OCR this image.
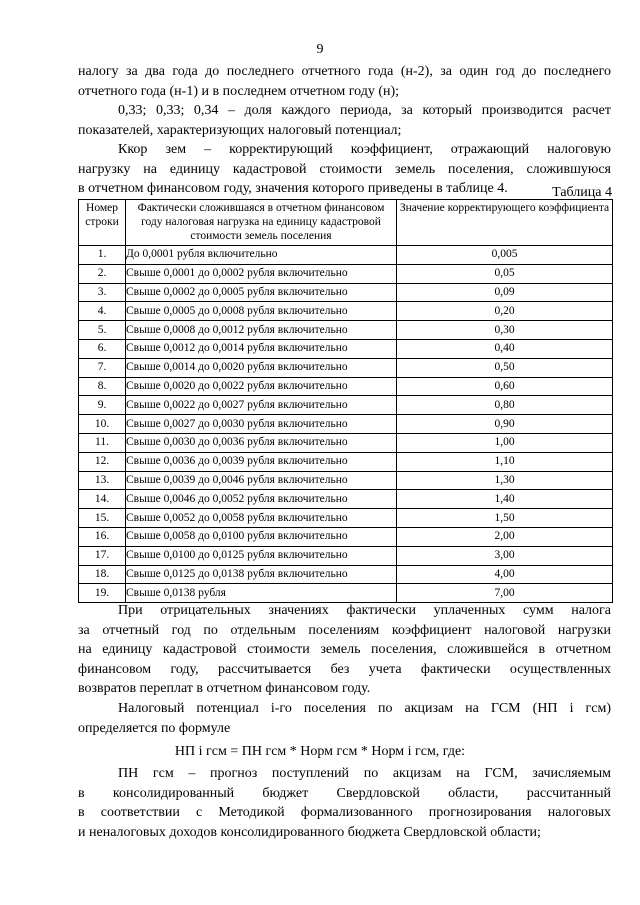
9
налогу за два года до последнего отчетного года (н-2), за один год до последнего
отчетного года (н-1) и в последнем отчетном году (н);
0,33; 0,33; 0,34 – доля каждого периода, за который производится расчет
показателей, характеризующих налоговый потенциал;
Ккор зем – корректирующий коэффициент, отражающий налоговую
нагрузку на единицу кадастровой стоимости земель поселения, сложившуюся
в отчетном финансовом году, значения которого приведены в таблице 4.	Таблица 4
Номер строки	Фактически сложившаяся в отчетном финансовом году налоговая нагрузка на единицу кадастровой стоимости земель поселения	Значение корректирующего коэффициента
1.	До 0,0001 рубля включительно	0,005
2.	Свыше 0,0001 до 0,0002 рубля включительно	0,05
3.	Свыше 0,0002 до 0,0005 рубля включительно	0,09
4.	Свыше 0,0005 до 0,0008 рубля включительно	0,20
5.	Свыше 0,0008 до 0,0012 рубля включительно	0,30
6.	Свыше 0,0012 до 0,0014 рубля включительно	0,40
7.	Свыше 0,0014 до 0,0020 рубля включительно	0,50
8.	Свыше 0,0020 до 0,0022 рубля включительно	0,60
9.	Свыше 0,0022 до 0,0027 рубля включительно	0,80
10.	Свыше 0,0027 до 0,0030 рубля включительно	0,90
11.	Свыше 0,0030 до 0,0036 рубля включительно	1,00
12.	Свыше 0,0036 до 0,0039 рубля включительно	1,10
13.	Свыше 0,0039 до 0,0046 рубля включительно	1,30
14.	Свыше 0,0046 до 0,0052 рубля включительно	1,40
15.	Свыше 0,0052 до 0,0058 рубля включительно	1,50
16.	Свыше 0,0058 до 0,0100 рубля включительно	2,00
17.	Свыше 0,0100 до 0,0125 рубля включительно	3,00
18.	Свыше 0,0125 до 0,0138 рубля включительно	4,00
19.	Свыше 0,0138 рубля	7,00
При отрицательных значениях фактически уплаченных сумм налога
за отчетный год по отдельным поселениям коэффициент налоговой нагрузки
на единицу кадастровой стоимости земель поселения, сложившейся в отчетном
финансовом году, рассчитывается без учета фактически осуществленных
возвратов переплат в отчетном финансовом году.
Налоговый потенциал i-го поселения по акцизам на ГСМ (НП i гсм)
определяется по формуле
НП i гсм = ПН гсм * Норм гсм * Норм i гсм, где:
ПН гсм – прогноз поступлений по акцизам на ГСМ, зачисляемым
в консолидированный бюджет Свердловской области, рассчитанный
в соответствии с Методикой формализованного прогнозирования налоговых
и неналоговых доходов консолидированного бюджета Свердловской области;
